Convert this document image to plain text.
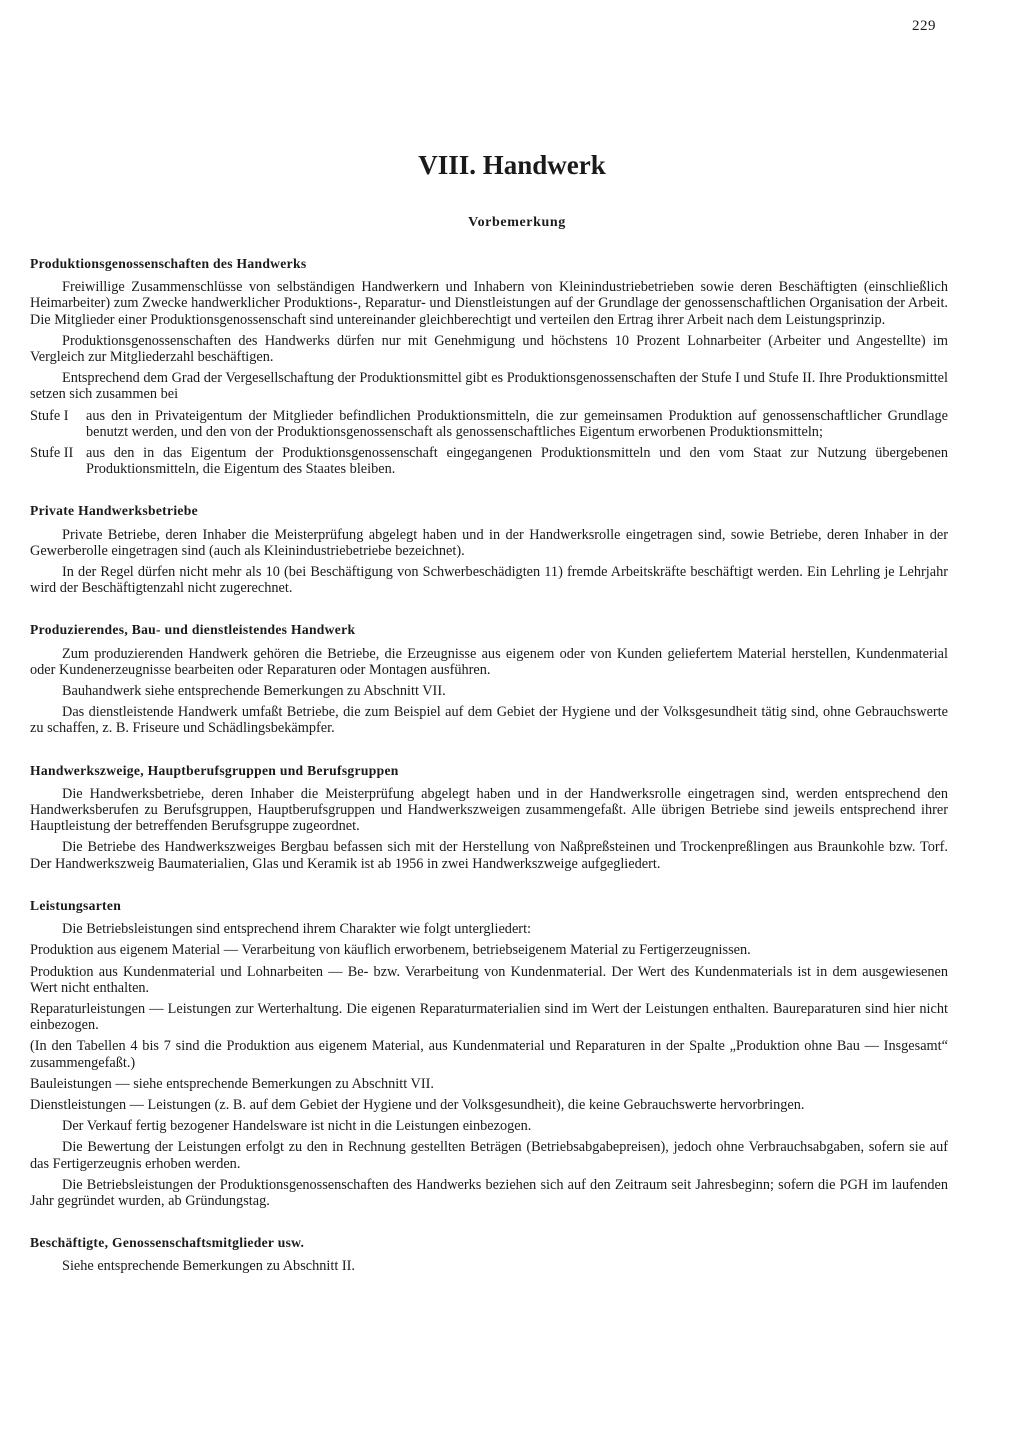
229
VIII. Handwerk
Vorbemerkung
Produktionsgenossenschaften des Handwerks

Freiwillige Zusammenschlüsse von selbständigen Handwerkern und Inhabern von Kleinindustriebetrieben sowie deren Beschäftigten (einschließlich Heimarbeiter) zum Zwecke handwerklicher Produktions-, Reparatur- und Dienstleistungen auf der Grundlage der genossenschaftlichen Organisation der Arbeit. Die Mitglieder einer Produktionsgenossenschaft sind untereinander gleichberechtigt und verteilen den Ertrag ihrer Arbeit nach dem Leistungsprinzip.

Produktionsgenossenschaften des Handwerks dürfen nur mit Genehmigung und höchstens 10 Prozent Lohnarbeiter (Arbeiter und Angestellte) im Vergleich zur Mitgliederzahl beschäftigen.

Entsprechend dem Grad der Vergesellschaftung der Produktionsmittel gibt es Produktionsgenossenschaften der Stufe I und Stufe II. Ihre Produktionsmittel setzen sich zusammen bei

Stufe I	aus den in Privateigentum der Mitglieder befindlichen Produktionsmitteln, die zur gemeinsamen Produktion auf genossenschaftlicher Grundlage benutzt werden, und den von der Produktionsgenossenschaft als genossenschaftliches Eigentum erworbenen Produktionsmitteln;
Stufe II aus den in das Eigentum der Produktionsgenossenschaft eingegangenen Produktionsmitteln und den vom Staat zur Nutzung übergebenen Produktionsmitteln, die Eigentum des Staates bleiben.
Private Handwerksbetriebe

Private Betriebe, deren Inhaber die Meisterprüfung abgelegt haben und in der Handwerksrolle eingetragen sind, sowie Betriebe, deren Inhaber in der Gewerberolle eingetragen sind (auch als Kleinindustriebetriebe bezeichnet).

In der Regel dürfen nicht mehr als 10 (bei Beschäftigung von Schwerbeschädigten 11) fremde Arbeitskräfte beschäftigt werden. Ein Lehrling je Lehrjahr wird der Beschäftigtenzahl nicht zugerechnet.

Produzierendes, Bau- und dienstleistendes Handwerk

Zum produzierenden Handwerk gehören die Betriebe, die Erzeugnisse aus eigenem oder von Kunden geliefertem Material herstellen, Kundenmaterial oder Kundenerzeugnisse bearbeiten oder Reparaturen oder Montagen ausführen.

Bauhandwerk siehe entsprechende Bemerkungen zu Abschnitt VII.

Das dienstleistende Handwerk umfaßt Betriebe, die zum Beispiel auf dem Gebiet der Hygiene und der Volksgesundheit tätig sind, ohne Gebrauchswerte zu schaffen, z. B. Friseure und Schädlingsbekämpfer.

Handwerkszweige, Hauptberufsgruppen und Berufsgruppen

Die Handwerksbetriebe, deren Inhaber die Meisterprüfung abgelegt haben und in der Handwerksrolle eingetragen sind, werden entsprechend den Handwerksberufen zu Berufsgruppen, Hauptberufsgruppen und Handwerkszweigen zusammengefaßt. Alle übrigen Betriebe sind jeweils entsprechend ihrer Hauptleistung der betreffenden Berufsgruppe zugeordnet.

Die Betriebe des Handwerkszweiges Bergbau befassen sich mit der Herstellung von Naßpreßsteinen und Trockenpreßlingen aus Braunkohle bzw. Torf. Der Handwerkszweig Baumaterialien, Glas und Keramik ist ab 1956 in zwei Handwerkszweige aufgegliedert.

Leistungsarten

Die Betriebsleistungen sind entsprechend ihrem Charakter wie folgt untergliedert:

Produktion aus eigenem Material — Verarbeitung von käuflich erworbenem, betriebseigenem Material zu Fertigerzeugnissen.

Produktion aus Kundenmaterial und Lohnarbeiten — Be- bzw. Verarbeitung von Kundenmaterial. Der Wert des Kundenmaterials ist in dem ausgewiesenen Wert nicht enthalten.

Reparaturleistungen — Leistungen zur Werterhaltung. Die eigenen Reparaturmaterialien sind im Wert der Leistungen enthalten. Baureparaturen sind hier nicht einbezogen.

(In den Tabellen 4 bis 7 sind die Produktion aus eigenem Material, aus Kundenmaterial und Reparaturen in der Spalte „Produktion ohne Bau — Insgesamt“ zusammengefaßt.)

Bauleistungen — siehe entsprechende Bemerkungen zu Abschnitt VII.

Dienstleistungen — Leistungen (z. B. auf dem Gebiet der Hygiene und der Volksgesundheit), die keine Gebrauchswerte hervorbringen.

Der Verkauf fertig bezogener Handelsware ist nicht in die Leistungen einbezogen.

Die Bewertung der Leistungen erfolgt zu den in Rechnung gestellten Beträgen (Betriebsabgabepreisen), jedoch ohne Verbrauchsabgaben, sofern sie auf das Fertigerzeugnis erhoben werden.

Die Betriebsleistungen der Produktionsgenossenschaften des Handwerks beziehen sich auf den Zeitraum seit Jahresbeginn; sofern die PGH im laufenden Jahr gegründet wurden, ab Gründungstag.

Beschäftigte, Genossenschaftsmitglieder usw.

Siehe entsprechende Bemerkungen zu Abschnitt II.
